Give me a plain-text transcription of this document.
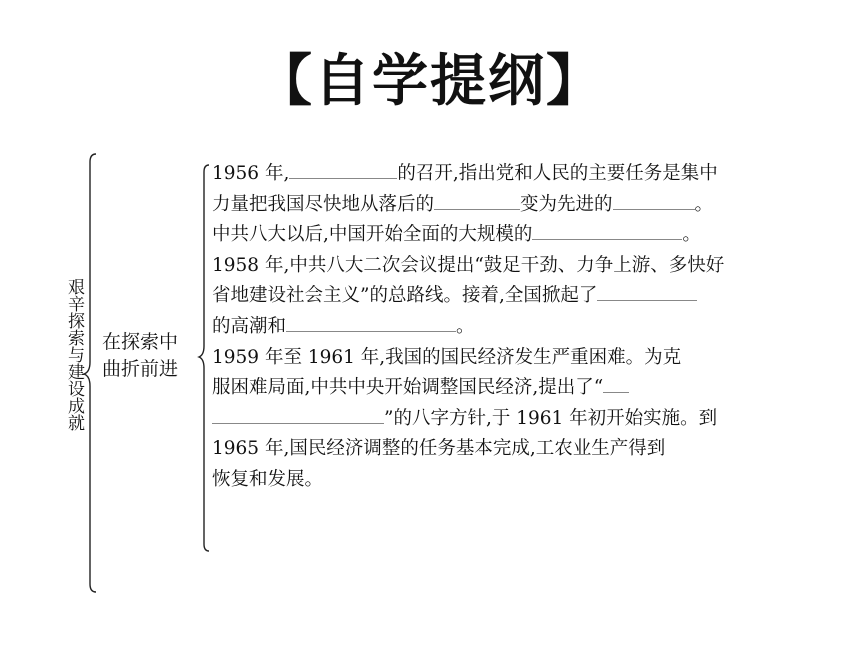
【自学提纲】
艰辛探索与建设成就 在探索中
曲折前进
1956 年,	的召开,指出党和人民的主要任务是集中
力量把我国尽快地从落后的	变为先进的	。
中共八大以后,中国开始全面的大规模的	。
1958 年,中共八大二次会议提出“鼓足干劲、力争上游、多快好
省地建设社会主义”的总路线。接着,全国掀起了
的高潮和	。
1959 年至 1961 年,我国的国民经济发生严重困难。为克
服困难局面,中共中央开始调整国民经济,提出了“
”的八字方针,于 1961 年初开始实施。到
1965 年,国民经济调整的任务基本完成,工农业生产得到
恢复和发展。
